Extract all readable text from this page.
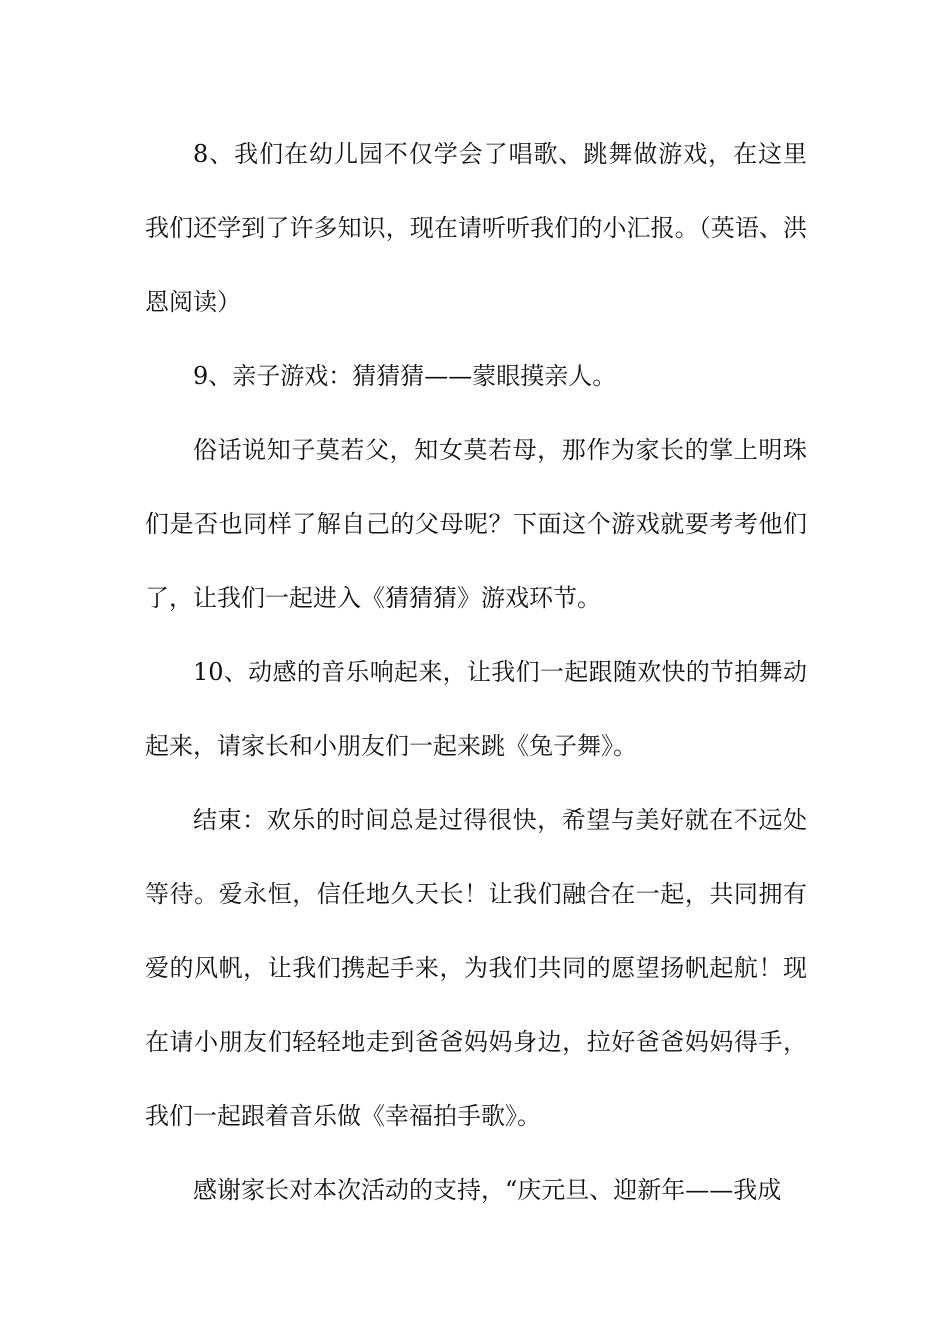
8、我们在幼儿园不仅学会了唱歌、跳舞做游戏，在这里我们还学到了许多知识，现在请听听我们的小汇报。（英语、洪恩阅读）

9、亲子游戏：猜猜猜——蒙眼摸亲人。

俗话说知子莫若父，知女莫若母，那作为家长的掌上明珠们是否也同样了解自己的父母呢？下面这个游戏就要考考他们了，让我们一起进入《猜猜猜》游戏环节。

10、动感的音乐响起来，让我们一起跟随欢快的节拍舞动起来，请家长和小朋友们一起来跳《兔子舞》。

结束：欢乐的时间总是过得很快，希望与美好就在不远处等待。爱永恒，信任地久天长！让我们融合在一起，共同拥有爱的风帆，让我们携起手来，为我们共同的愿望扬帆起航！现在请小朋友们轻轻地走到爸爸妈妈身边，拉好爸爸妈妈得手，我们一起跟着音乐做《幸福拍手歌》。

感谢家长对本次活动的支持，“庆元旦、迎新年——我成
